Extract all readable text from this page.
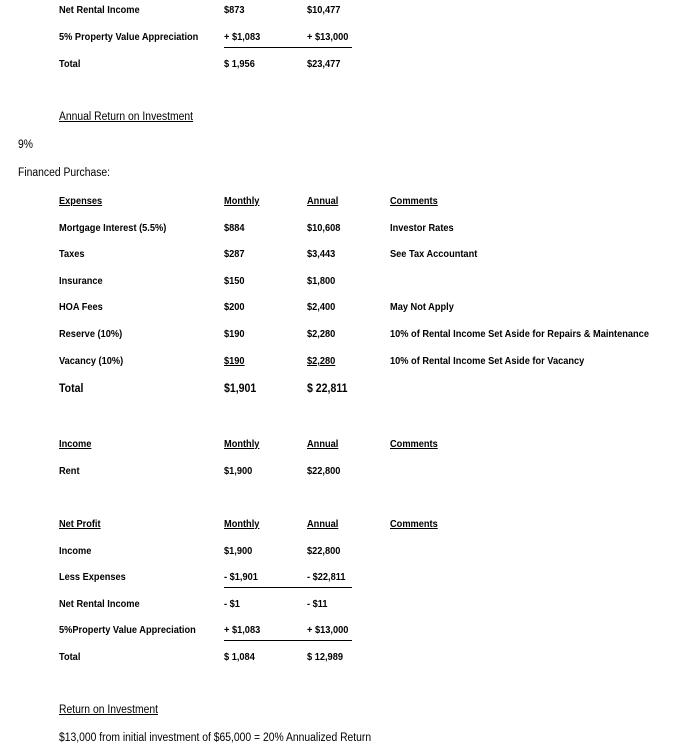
Net Rental Income	$873	$10,477
5% Property Value Appreciation + $1,083	+ $13,000
Total	$ 1,956	$23,477
Annual Return on Investment
9%
Financed Purchase:
Expenses	Monthly	Annual	Comments
Mortgage Interest (5.5%)	$884	$10,608	Investor Rates
Taxes	$287	$3,443	See Tax Accountant
Insurance	$150	$1,800
HOA Fees	$200	$2,400	May Not Apply
Reserve (10%)	$190	$2,280	10% of Rental Income Set Aside for Repairs & Maintenance
Vacancy (10%)	$190	$2,280	10% of Rental Income Set Aside for Vacancy
Total	$1,901	$ 22,811
Income	Monthly	Annual	Comments
Rent	$1,900	$22,800
Net Profit	Monthly	Annual	Comments
Income	$1,900	$22,800
Less Expenses	- $1,901	- $22,811
Net Rental Income	- $1	- $11
5%Property Value Appreciation	+ $1,083	+ $13,000
Total	$ 1,084	$ 12,989
Return on Investment
$13,000 from initial investment of $65,000 = 20% Annualized Return
